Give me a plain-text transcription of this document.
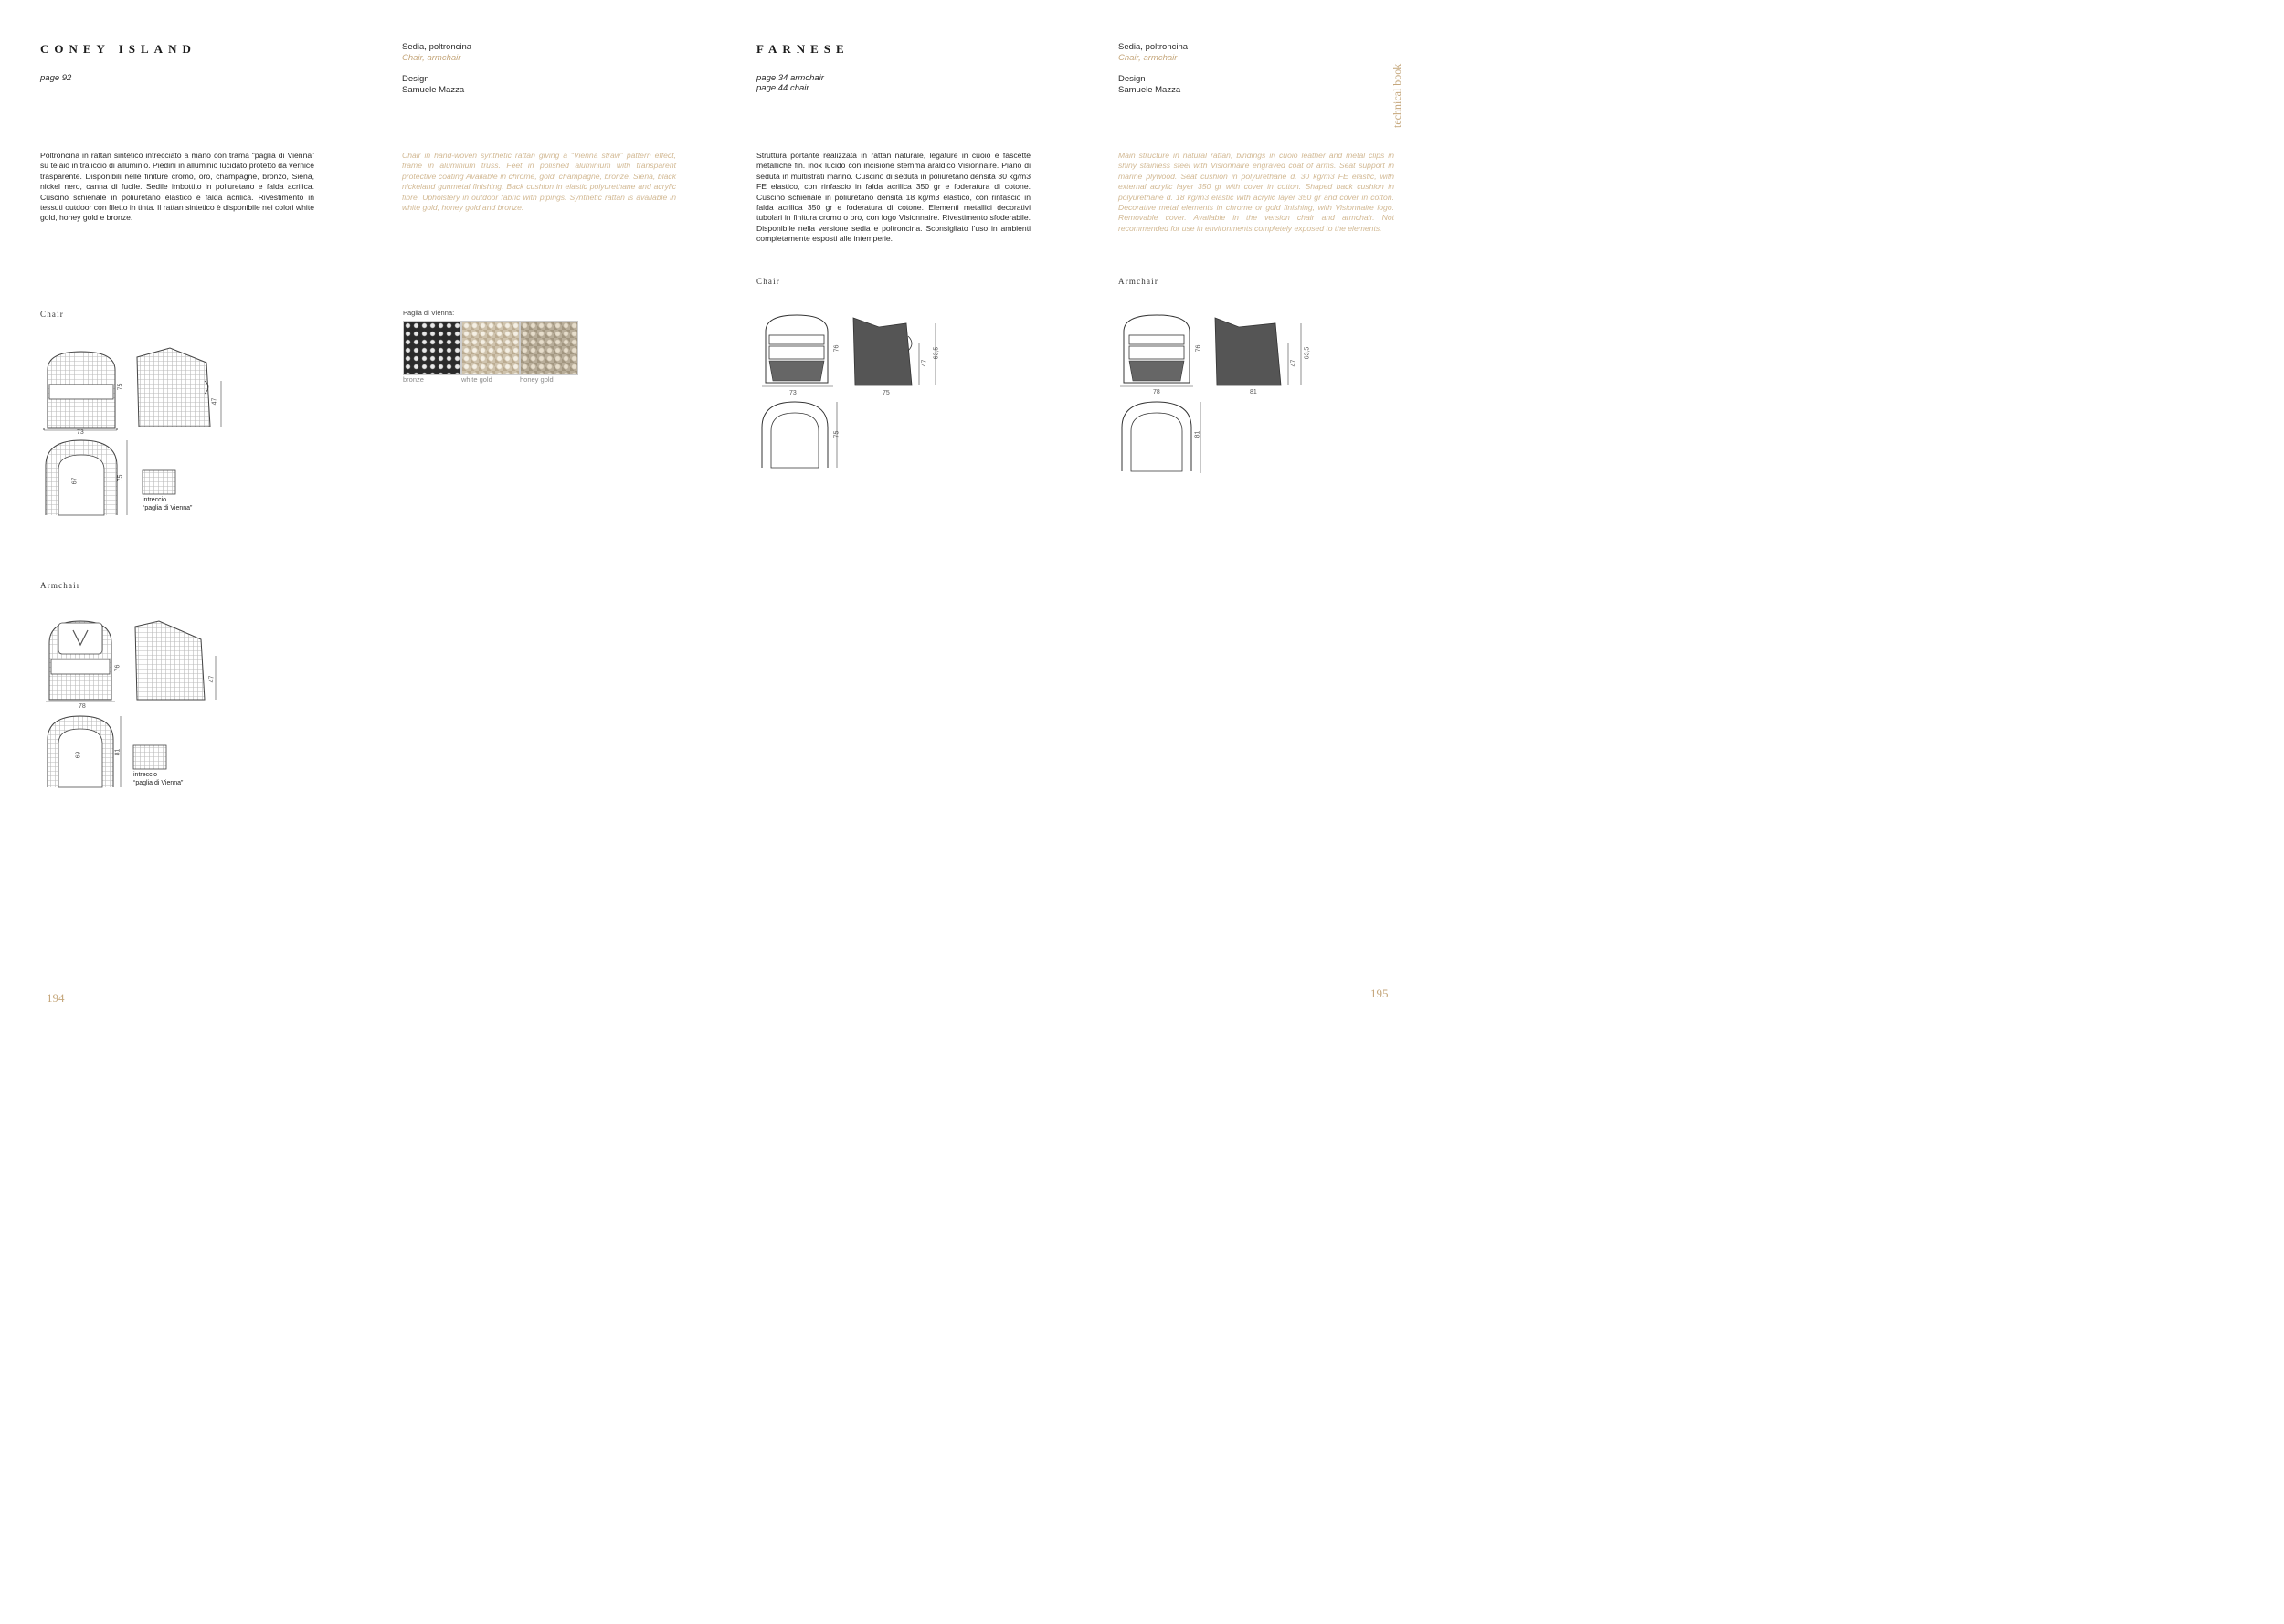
CONEY ISLAND
page 92
Sedia, poltroncina
Chair, armchair
Design
Samuele Mazza
Poltroncina in rattan sintetico intrecciato a mano con trama “paglia di Vienna” su telaio in traliccio di alluminio. Piedini in alluminio lucidato protetto da vernice trasparente. Disponibili nelle finiture cromo, oro, champagne, bronzo, Siena, nickel nero, canna di fucile. Sedile imbottito in poliuretano e falda acrilica. Cuscino schienale in poliuretano elastico e falda acrilica. Rivestimento in tessuti outdoor con filetto in tinta. Il rattan sintetico è disponibile nei colori white gold, honey gold e bronze.
Chair in hand-woven synthetic rattan giving a “Vienna straw” pattern effect, frame in aluminium truss. Feet in polished aluminium with transparent protective coating Available in chrome, gold, champagne, bronze, Siena, black nickeland gunmetal finishing. Back cushion in elastic polyurethane and acrylic fibre. Upholstery in outdoor fabric with pipings. Synthetic rattan is available in white gold, honey gold and bronze.
Chair	Paglia di Vienna:
bronze	white gold	honey gold
73
75
47
67	75
intreccio
“paglia di Vienna”
Armchair
78
76
47
69	81
intreccio
“paglia di Vienna”
194
FARNESE
page 34 armchair
page 44 chair
Sedia, poltroncina
Chair, armchair
Design
Samuele Mazza
Struttura portante realizzata in rattan naturale, legature in cuoio e fascette metalliche fin. inox lucido con incisione stemma araldico Visionnaire. Piano di seduta in multistrati marino. Cuscino di seduta in poliuretano densità 30 kg/m3 FE elastico, con rinfascio in falda acrilica 350 gr e foderatura di cotone. Cuscino schienale in poliuretano densità 18 kg/m3 elastico, con rinfascio in falda acrilica 350 gr e foderatura di cotone. Elementi metallici decorativi tubolari in finitura cromo o oro, con logo Visionnaire. Rivestimento sfoderabile. Disponibile nella versione sedia e poltroncina. Sconsigliato l’uso in ambienti completamente esposti alle intemperie.
Main structure in natural rattan, bindings in cuoio leather and metal clips in shiny stainless steel with Visionnaire engraved coat of arms. Seat support in marine plywood. Seat cushion in polyurethane d. 30 kg/m3 FE elastic, with external acrylic layer 350 gr with cover in cotton. Shaped back cushion in polyurethane d. 18 kg/m3 elastic with acrylic layer 350 gr and cover in cotton. Decorative metal elements in chrome or gold finishing, with Visionnaire logo. Removable cover. Available in the version chair and armchair. Not recommended for use in environments completely exposed to the elements.
Chair	Armchair
73
76
47
63,5
75
75
78
76
47
63,5
81
81
technical book
195
